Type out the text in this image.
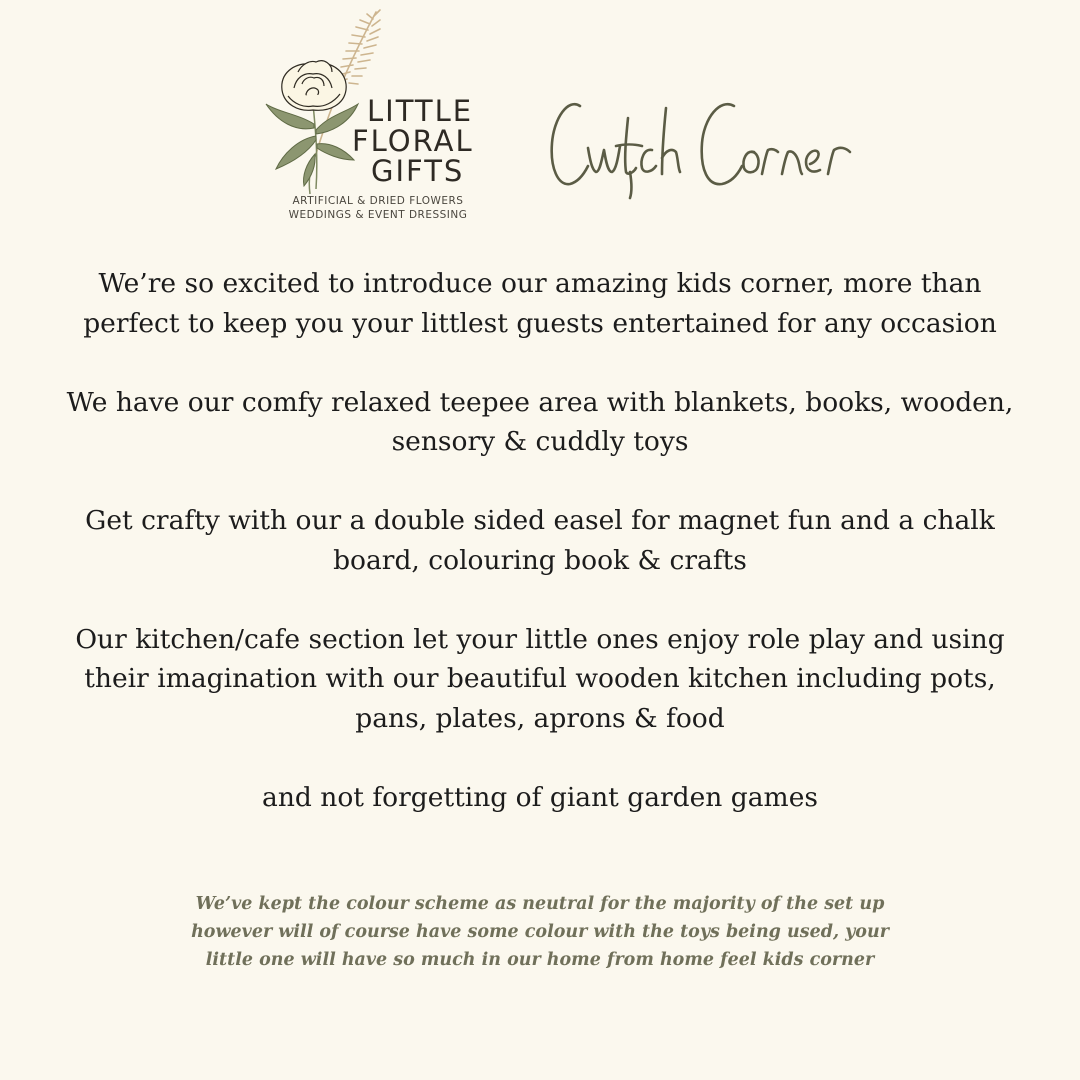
LITTLE
FLORAL
GIFTS
ARTIFICIAL & DRIED FLOWERS
WEDDINGS & EVENT DRESSING

We’re so excited to introduce our amazing kids corner, more than perfect to keep you your littlest guests entertained for any occasion

We have our comfy relaxed teepee area with blankets, books, wooden, sensory & cuddly toys

Get crafty with our a double sided easel for magnet fun and a chalk board, colouring book & crafts

Our kitchen/cafe section let your little ones enjoy role play and using their imagination with our beautiful wooden kitchen including pots, pans, plates, aprons & food

and not forgetting of giant garden games

We’ve kept the colour scheme as neutral for the majority of the set up however will of course have some colour with the toys being used, your little one will have so much in our home from home feel kids corner
